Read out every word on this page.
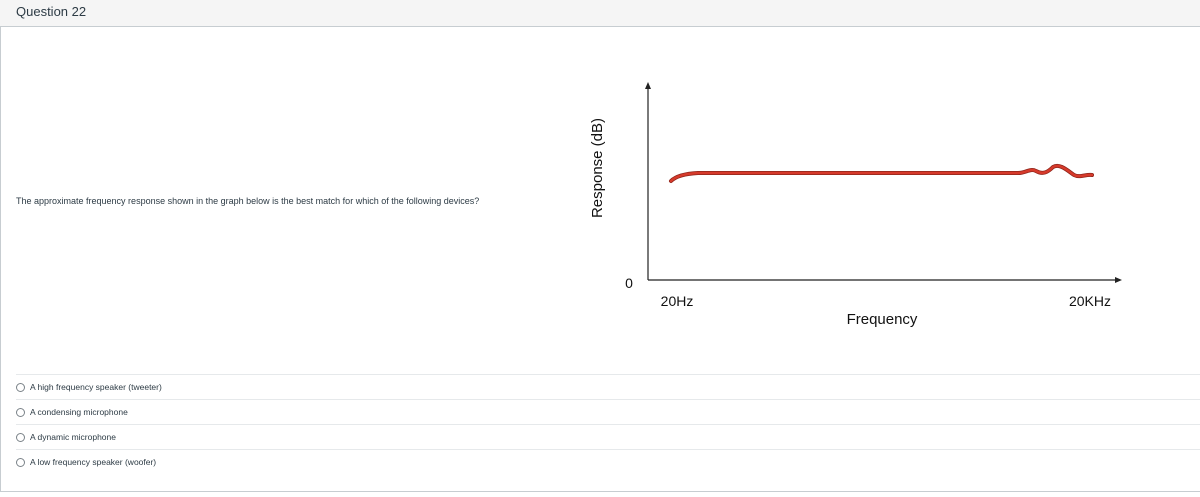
Question 22
The approximate frequency response shown in the graph below is the best match for which of the following devices?	Response (dB)
0
20Hz	20KHz
Frequency
A high frequency speaker (tweeter)
A condensing microphone
A dynamic microphone
A low frequency speaker (woofer)
